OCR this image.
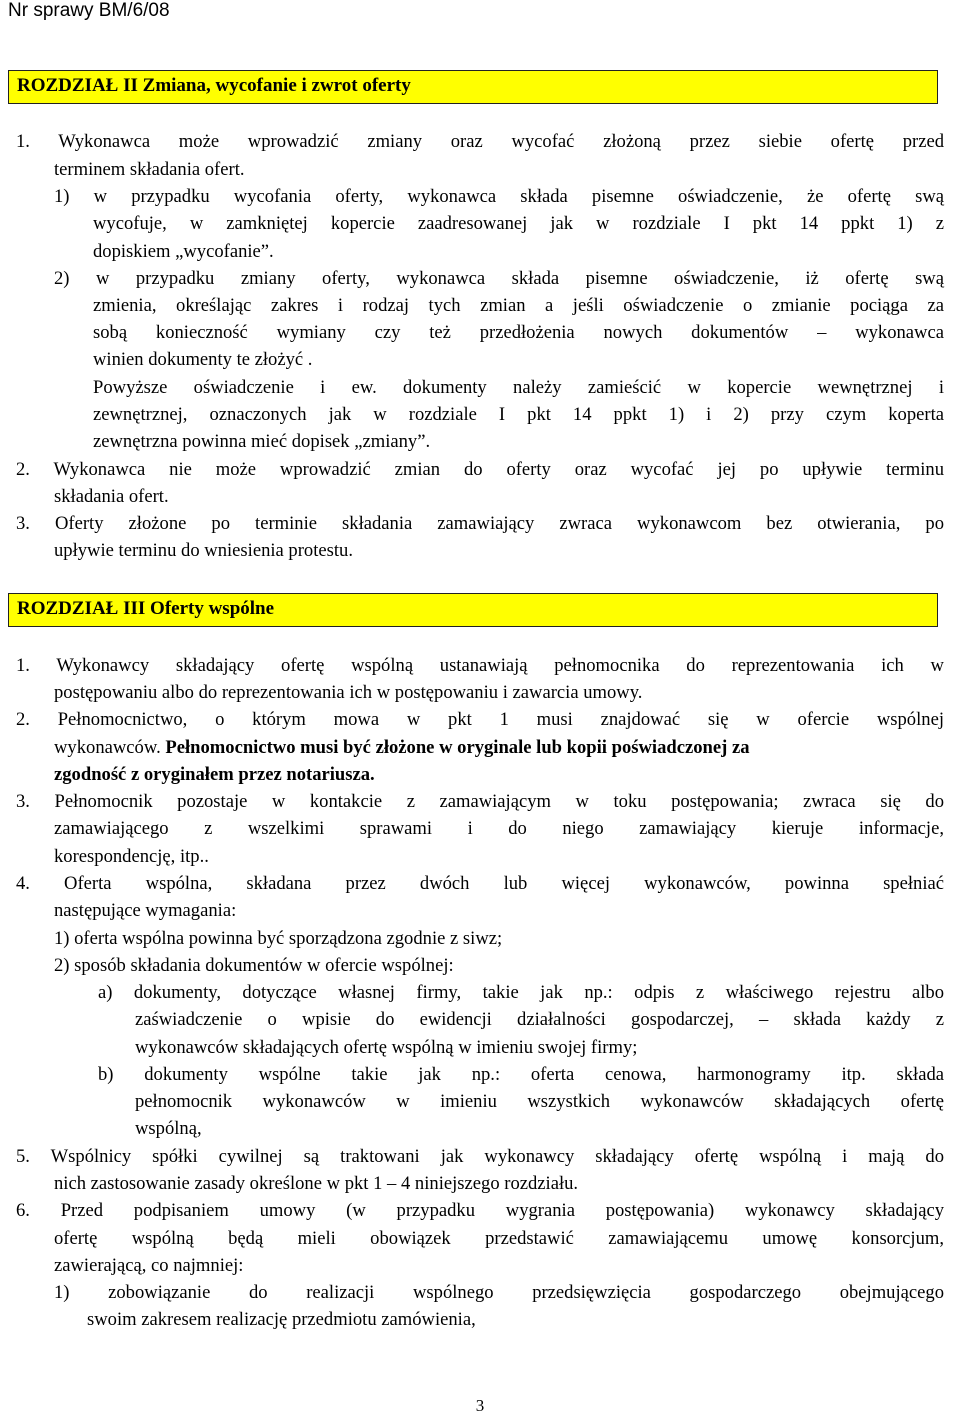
Nr sprawy BM/6/08
ROZDZIAŁ II Zmiana, wycofanie i zwrot oferty
ROZDZIAŁ III Oferty wspólne
1. Wykonawca może wprowadzić zmiany oraz wycofać złożoną przez siebie ofertę przed
terminem składania ofert.
1) w przypadku wycofania oferty, wykonawca składa pisemne oświadczenie, że ofertę swą
wycofuje, w zamkniętej kopercie zaadresowanej jak w rozdziale I pkt 14 ppkt 1) z
dopiskiem „wycofanie”.
2) w przypadku zmiany oferty, wykonawca składa pisemne oświadczenie, iż ofertę swą
zmienia, określając zakres i rodzaj tych zmian a jeśli oświadczenie o zmianie pociąga za
sobą konieczność wymiany czy też przedłożenia nowych dokumentów – wykonawca
winien dokumenty te złożyć .
Powyższe oświadczenie i ew. dokumenty należy zamieścić w kopercie wewnętrznej i
zewnętrznej, oznaczonych jak w rozdziale I pkt 14 ppkt 1) i 2) przy czym koperta
zewnętrzna powinna mieć dopisek „zmiany”.
2. Wykonawca nie może wprowadzić zmian do oferty oraz wycofać jej po upływie terminu
składania ofert.
3. Oferty złożone po terminie składania zamawiający zwraca wykonawcom bez otwierania, po
upływie terminu do wniesienia protestu.
1. Wykonawcy składający ofertę wspólną ustanawiają pełnomocnika do reprezentowania ich w
postępowaniu albo do reprezentowania ich w postępowaniu i zawarcia umowy.
2. Pełnomocnictwo, o którym mowa w pkt 1 musi znajdować się w ofercie wspólnej
wykonawców. Pełnomocnictwo musi być złożone w oryginale lub kopii poświadczonej za
zgodność z oryginałem przez notariusza.
3. Pełnomocnik pozostaje w kontakcie z zamawiającym w toku postępowania; zwraca się do
zamawiającego z wszelkimi sprawami i do niego zamawiający kieruje informacje,
korespondencję, itp..
4. Oferta wspólna, składana przez dwóch lub więcej wykonawców, powinna spełniać
następujące wymagania:
1) oferta wspólna powinna być sporządzona zgodnie z siwz;
2) sposób składania dokumentów w ofercie wspólnej:
a) dokumenty, dotyczące własnej firmy, takie jak np.: odpis z właściwego rejestru albo
zaświadczenie o wpisie do ewidencji działalności gospodarczej, – składa każdy z
wykonawców składających ofertę wspólną w imieniu swojej firmy;
b) dokumenty wspólne takie jak np.: oferta cenowa, harmonogramy itp. składa
pełnomocnik wykonawców w imieniu wszystkich wykonawców składających ofertę
wspólną,
5. Wspólnicy spółki cywilnej są traktowani jak wykonawcy składający ofertę wspólną i mają do
nich zastosowanie zasady określone w pkt 1 – 4 niniejszego rozdziału.
6. Przed podpisaniem umowy (w przypadku wygrania postępowania) wykonawcy składający
ofertę wspólną będą mieli obowiązek przedstawić zamawiającemu umowę konsorcjum,
zawierającą, co najmniej:
1) zobowiązanie do realizacji wspólnego przedsięwzięcia gospodarczego obejmującego
swoim zakresem realizację przedmiotu zamówienia,
3
